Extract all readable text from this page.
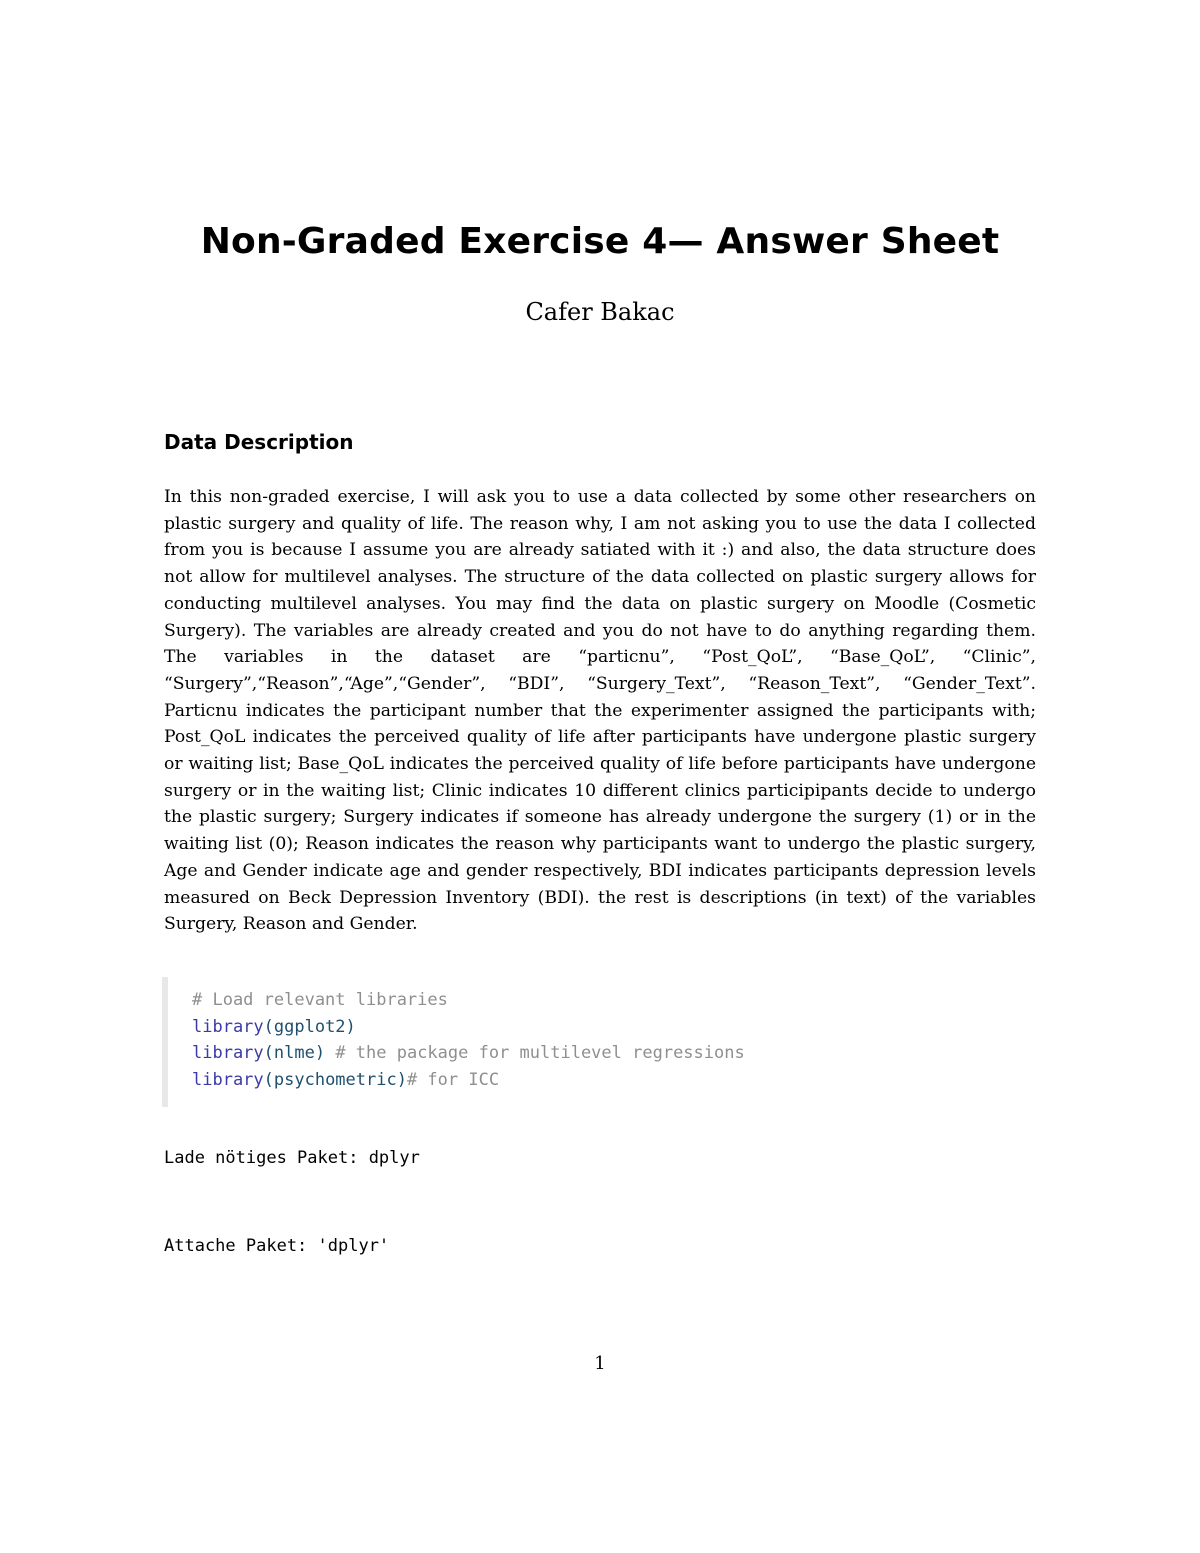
Non-Graded Exercise 4— Answer Sheet
Cafer Bakac
Data Description

In this non-graded exercise, I will ask you to use a data collected by some other researchers on plastic surgery and quality of life. The reason why, I am not asking you to use the data I collected from you is because I assume you are already satiated with it :) and also, the data structure does not allow for multilevel analyses. The structure of the data collected on plastic surgery allows for conducting multilevel analyses. You may find the data on plastic surgery on Moodle (Cosmetic Surgery). The variables are already created and you do not have to do anything regarding them. The variables in the dataset are “particnu”, “Post_QoL”, “Base_QoL”, “Clinic”, “Surgery”,“Reason”,“Age”,“Gender”, “BDI”, “Surgery_Text”, “Reason_Text”, “Gender_Text”. Particnu indicates the participant number that the experimenter assigned the participants with; Post_QoL indicates the perceived quality of life after participants have undergone plastic surgery or waiting list; Base_QoL indicates the perceived quality of life before participants have undergone surgery or in the waiting list; Clinic indicates 10 different clinics participipants decide to undergo the plastic surgery; Surgery indicates if someone has already undergone the surgery (1) or in the waiting list (0); Reason indicates the reason why participants want to undergo the plastic surgery, Age and Gender indicate age and gender respectively, BDI indicates participants depression levels measured on Beck Depression Inventory (BDI). the rest is descriptions (in text) of the variables Surgery, Reason and Gender.

# Load relevant libraries
library(ggplot2)
library(nlme) # the package for multilevel regressions
library(psychometric)# for ICC
Lade nötiges Paket: dplyr
Attache Paket: 'dplyr'
1
